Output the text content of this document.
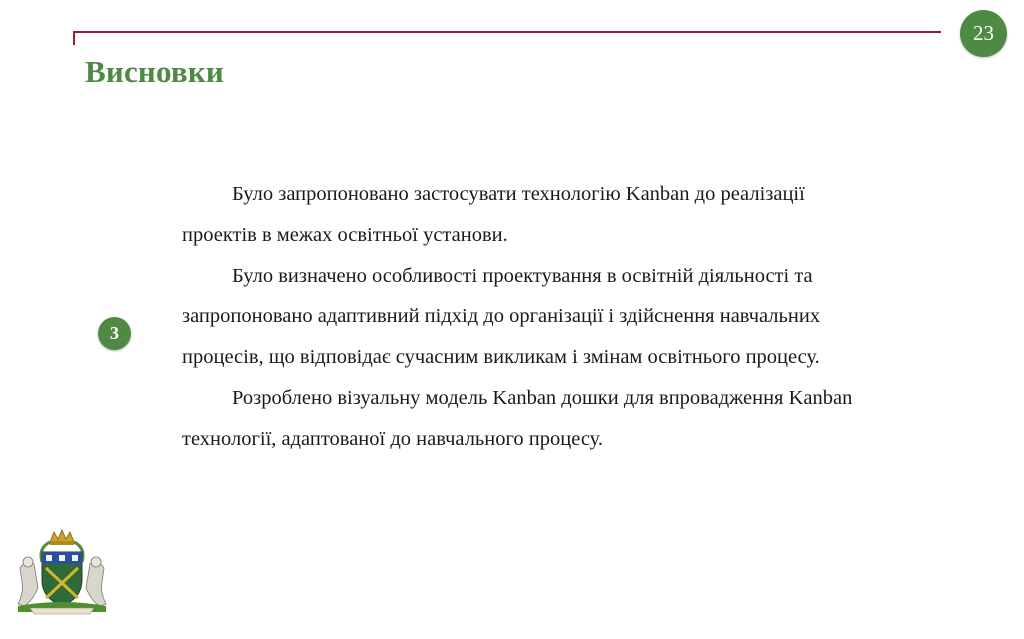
23
Висновки
3

Було запропоновано застосувати технологію Kanban до реалізації
проектів в межах освітньої установи.

Було визначено особливості проектування в освітній діяльності та
запропоновано адаптивний підхід до організації і здійснення навчальних
процесів, що відповідає сучасним викликам і змінам освітнього процесу.

Розроблено візуальну модель Kanban дошки для впровадження Kanban
технології, адаптованої до навчального процесу.
